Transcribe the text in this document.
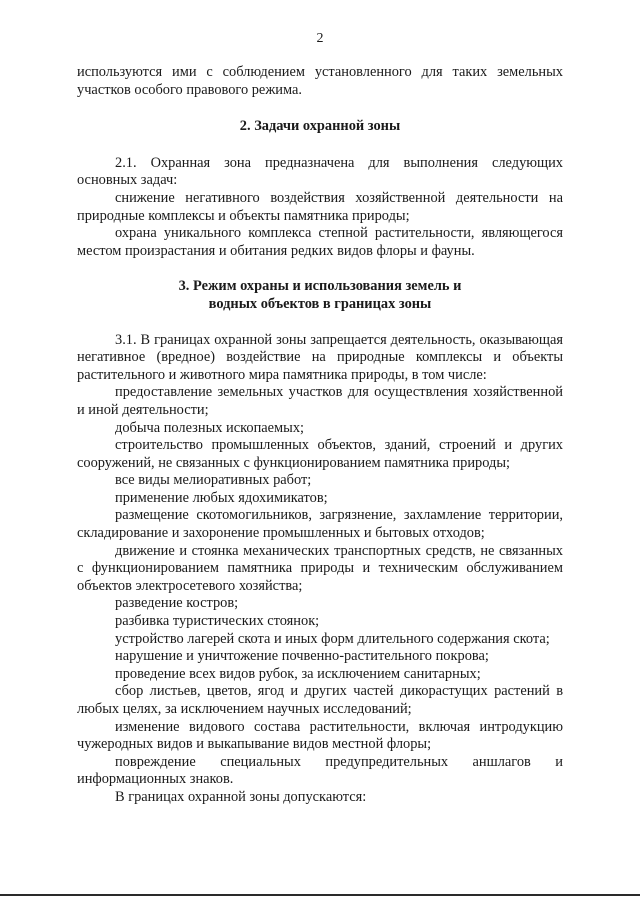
2

используются ими с соблюдением установленного для таких земельных участков особого правового режима.

2. Задачи охранной зоны

2.1. Охранная зона предназначена для выполнения следующих основных задач:

снижение негативного воздействия хозяйственной деятельности на природные комплексы и объекты памятника природы;

охрана уникального комплекса степной растительности, являющегося местом произрастания и обитания редких видов флоры и фауны.

3. Режим охраны и использования земель и
водных объектов в границах зоны

3.1. В границах охранной зоны запрещается деятельность, оказывающая негативное (вредное) воздействие на природные комплексы и объекты растительного и животного мира памятника природы, в том числе:

предоставление земельных участков для осуществления хозяйственной и иной деятельности;

добыча полезных ископаемых;

строительство промышленных объектов, зданий, строений и других сооружений, не связанных с функционированием памятника природы;

все виды мелиоративных работ;

применение любых ядохимикатов;

размещение скотомогильников, загрязнение, захламление территории, складирование и захоронение промышленных и бытовых отходов;

движение и стоянка механических транспортных средств, не связанных с функционированием памятника природы и техническим обслуживанием объектов электросетевого хозяйства;

разведение костров;

разбивка туристических стоянок;

устройство лагерей скота и иных форм длительного содержания скота;

нарушение и уничтожение почвенно-растительного покрова;

проведение всех видов рубок, за исключением санитарных;

сбор листьев, цветов, ягод и других частей дикорастущих растений в любых целях, за исключением научных исследований;

изменение видового состава растительности, включая интродукцию чужеродных видов и выкапывание видов местной флоры;

повреждение специальных предупредительных аншлагов и информационных знаков.

В границах охранной зоны допускаются:
